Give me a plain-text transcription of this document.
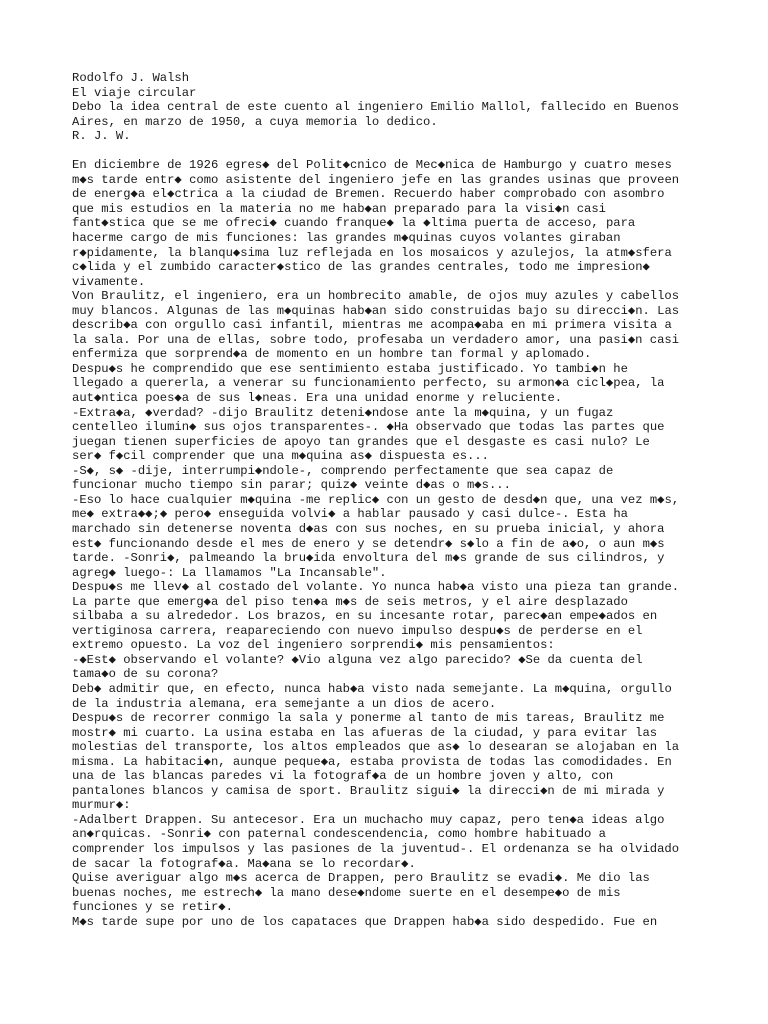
Rodolfo J. Walsh
El viaje circular
Debo la idea central de este cuento al ingeniero Emilio Mallol, fallecido en Buenos
Aires, en marzo de 1950, a cuya memoria lo dedico.
R. J. W.
En diciembre de 1926 egres◆ del Polit◆cnico de Mec◆nica de Hamburgo y cuatro meses
m◆s tarde entr◆ como asistente del ingeniero jefe en las grandes usinas que proveen
de energ◆a el◆ctrica a la ciudad de Bremen. Recuerdo haber comprobado con asombro
que mis estudios en la materia no me hab◆an preparado para la visi◆n casi
fant◆stica que se me ofreci◆ cuando franque◆ la ◆ltima puerta de acceso, para
hacerme cargo de mis funciones: las grandes m◆quinas cuyos volantes giraban
r◆pidamente, la blanqu◆sima luz reflejada en los mosaicos y azulejos, la atm◆sfera
c◆lida y el zumbido caracter◆stico de las grandes centrales, todo me impresion◆
vivamente.
Von Braulitz, el ingeniero, era un hombrecito amable, de ojos muy azules y cabellos
muy blancos. Algunas de las m◆quinas hab◆an sido construidas bajo su direcci◆n. Las
describ◆a con orgullo casi infantil, mientras me acompa◆aba en mi primera visita a
la sala. Por una de ellas, sobre todo, profesaba un verdadero amor, una pasi◆n casi
enfermiza que sorprend◆a de momento en un hombre tan formal y aplomado.
Despu◆s he comprendido que ese sentimiento estaba justificado. Yo tambi◆n he
llegado a quererla, a venerar su funcionamiento perfecto, su armon◆a cicl◆pea, la
aut◆ntica poes◆a de sus l◆neas. Era una unidad enorme y reluciente.
-Extra◆a, ◆verdad? -dijo Braulitz deteni◆ndose ante la m◆quina, y un fugaz
centelleo ilumin◆ sus ojos transparentes-. ◆Ha observado que todas las partes que
juegan tienen superficies de apoyo tan grandes que el desgaste es casi nulo? Le
ser◆ f◆cil comprender que una m◆quina as◆ dispuesta es...
-S◆, s◆ -dije, interrumpi◆ndole-, comprendo perfectamente que sea capaz de
funcionar mucho tiempo sin parar; quiz◆ veinte d◆as o m◆s...
-Eso lo hace cualquier m◆quina -me replic◆ con un gesto de desd◆n que, una vez m◆s,
me◆ extra◆◆;◆ pero◆ enseguida volvi◆ a hablar pausado y casi dulce-. Esta ha
marchado sin detenerse noventa d◆as con sus noches, en su prueba inicial, y ahora
est◆ funcionando desde el mes de enero y se detendr◆ s◆lo a fin de a◆o, o aun m◆s
tarde. -Sonri◆, palmeando la bru◆ida envoltura del m◆s grande de sus cilindros, y
agreg◆ luego-: La llamamos "La Incansable".
Despu◆s me llev◆ al costado del volante. Yo nunca hab◆a visto una pieza tan grande.
La parte que emerg◆a del piso ten◆a m◆s de seis metros, y el aire desplazado
silbaba a su alrededor. Los brazos, en su incesante rotar, parec◆an empe◆ados en
vertiginosa carrera, reapareciendo con nuevo impulso despu◆s de perderse en el
extremo opuesto. La voz del ingeniero sorprendi◆ mis pensamientos:
-◆Est◆ observando el volante? ◆Vio alguna vez algo parecido? ◆Se da cuenta del
tama◆o de su corona?
Deb◆ admitir que, en efecto, nunca hab◆a visto nada semejante. La m◆quina, orgullo
de la industria alemana, era semejante a un dios de acero.
Despu◆s de recorrer conmigo la sala y ponerme al tanto de mis tareas, Braulitz me
mostr◆ mi cuarto. La usina estaba en las afueras de la ciudad, y para evitar las
molestias del transporte, los altos empleados que as◆ lo desearan se alojaban en la
misma. La habitaci◆n, aunque peque◆a, estaba provista de todas las comodidades. En
una de las blancas paredes vi la fotograf◆a de un hombre joven y alto, con
pantalones blancos y camisa de sport. Braulitz sigui◆ la direcci◆n de mi mirada y
murmur◆:
-Adalbert Drappen. Su antecesor. Era un muchacho muy capaz, pero ten◆a ideas algo
an◆rquicas. -Sonri◆ con paternal condescendencia, como hombre habituado a
comprender los impulsos y las pasiones de la juventud-. El ordenanza se ha olvidado
de sacar la fotograf◆a. Ma◆ana se lo recordar◆.
Quise averiguar algo m◆s acerca de Drappen, pero Braulitz se evadi◆. Me dio las
buenas noches, me estrech◆ la mano dese◆ndome suerte en el desempe◆o de mis
funciones y se retir◆.
M◆s tarde supe por uno de los capataces que Drappen hab◆a sido despedido. Fue en
